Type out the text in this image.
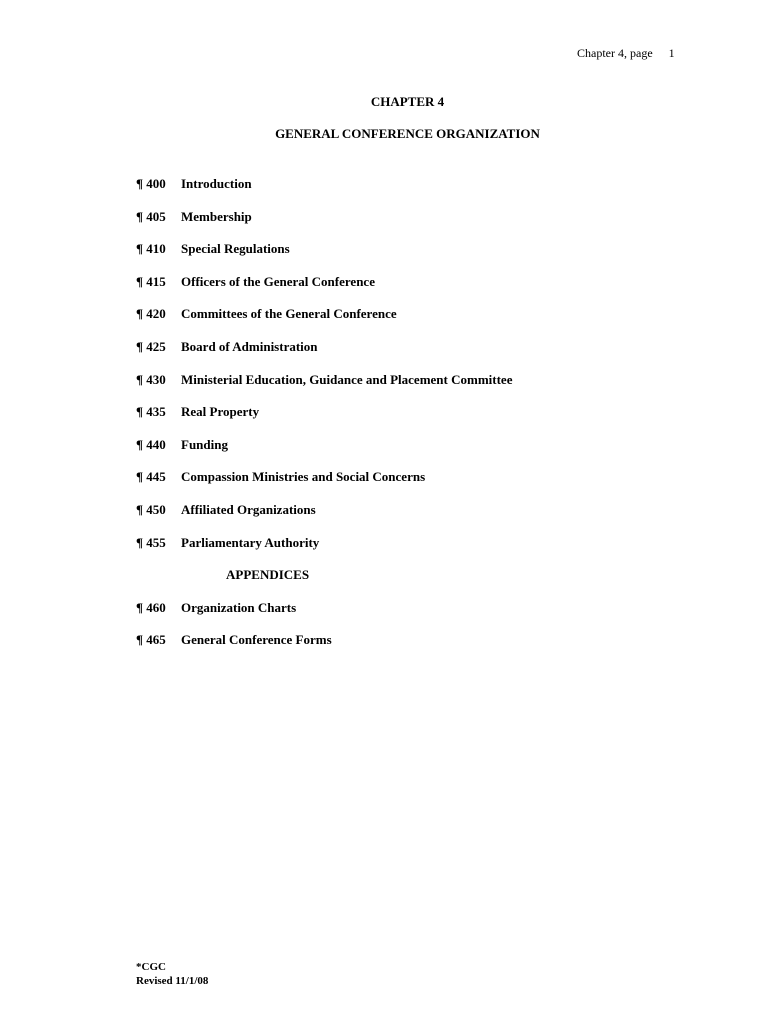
Chapter 4, page 1
CHAPTER 4
GENERAL CONFERENCE ORGANIZATION
¶ 400 Introduction
¶ 405 Membership
¶ 410 Special Regulations
¶ 415 Officers of the General Conference
¶ 420 Committees of the General Conference
¶ 425 Board of Administration
¶ 430 Ministerial Education, Guidance and Placement Committee
¶ 435 Real Property
¶ 440 Funding
¶ 445 Compassion Ministries and Social Concerns
¶ 450 Affiliated Organizations
¶ 455 Parliamentary Authority
APPENDICES
¶ 460 Organization Charts
¶ 465 General Conference Forms
*CGC
Revised 11/1/08
